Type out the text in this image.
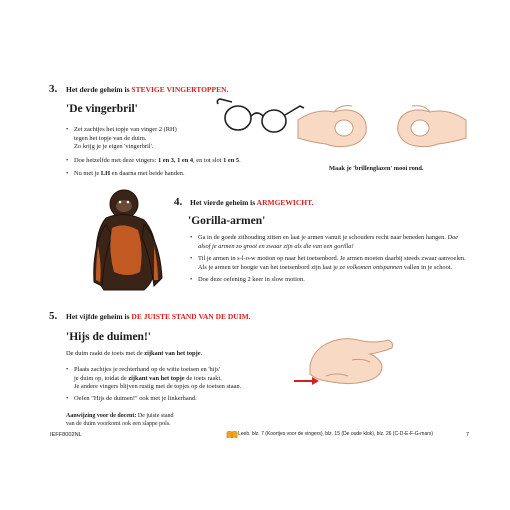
3. Het derde geheim is STEVIGE VINGERTOPPEN.
'De vingerbril'
• Zet zachtjes het topje van vinger 2 (RH)
tegen het topje van de duim.
Zo krijg je je eigen 'vingerbril'.
• Doe hetzelfde met deze vingers: 1 en 3, 1 en 4, en tot slot 1 en 5.
• Nu met je LH en daarna met beide handen.
Maak je 'brillenglazen' mooi rond.
4. Het vierde geheim is ARMGEWICHT.
'Gorilla-armen'
• Ga in de goede zithouding zitten en laat je armen vanuit je schouders recht naar beneden hangen. Doe alsof je armen zo groot en zwaar zijn als die van een gorilla!
• Til je armen in s-l-o-w motion op naar het toetsenbord. Je armen moeten daarbij steeds zwaar aanvoelen. Als je armen ter hoogte van het toetsenbord zijn laat je ze volkomen ontspannen vallen in je schoot.
• Doe deze oefening 2 keer in slow motion.
5. Het vijfde geheim is DE JUISTE STAND VAN DE DUIM.
'Hijs de duimen!'
De duim raakt de toets met de zijkant van het topje.
• Plaats zachtjes je rechterhand op de witte toetsen en 'hijs'
je duim op, totdat de zijkant van het topje de toets raakt.
Je andere vingers blijven rustig met de topjes op de toetsen staan.
• Oefen "Hijs de duimen!" ook met je linkerhand.
Aanwijzing voor de docent: De juiste stand
van de duim voorkomt ook een slappe pols.
IEFF8002NL	Leeb. blz. 7 (Koortjes voor de vingers), blz. 15 (De oude klok), blz. 26 (C-D-E-F-G-mars)	7
